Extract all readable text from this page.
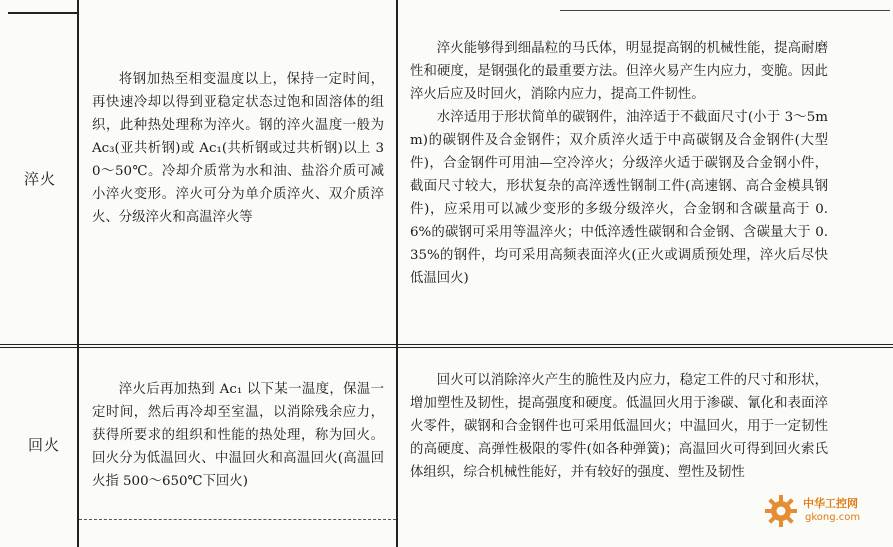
淬火

将钢加热至相变温度以上，保持一定时间，再快速冷却以得到亚稳定状态过饱和固溶体的组织，此种热处理称为淬火。钢的淬火温度一般为 Ac₃(亚共析钢)或 Ac₁(共析钢或过共析钢)以上 30～50℃。冷却介质常为水和油、盐浴介质可减小淬火变形。淬火可分为单介质淬火、双介质淬火、分级淬火和高温淬火等

淬火能够得到细晶粒的马氏体，明显提高钢的机械性能，提高耐磨性和硬度，是钢强化的最重要方法。但淬火易产生内应力，变脆。因此淬火后应及时回火，消除内应力，提高工件韧性。

水淬适用于形状简单的碳钢件，油淬适于不截面尺寸(小于 3～5mm)的碳钢件及合金钢件；双介质淬火适于中高碳钢及合金钢件(大型件)，合金钢件可用油—空冷淬火；分级淬火适于碳钢及合金钢小件，截面尺寸较大，形状复杂的高淬透性钢制工件(高速钢、高合金模具钢件)，应采用可以减少变形的多级分级淬火，合金钢和含碳量高于 0.6%的碳钢可采用等温淬火；中低淬透性碳钢和合金钢、含碳量大于 0.35%的钢件，均可采用高频表面淬火(正火或调质预处理，淬火后尽快低温回火)

回火

淬火后再加热到 Ac₁ 以下某一温度，保温一定时间，然后再冷却至室温，以消除残余应力，获得所要求的组织和性能的热处理，称为回火。回火分为低温回火、中温回火和高温回火(高温回火指 500～650℃下回火)

回火可以消除淬火产生的脆性及内应力，稳定工件的尺寸和形状，增加塑性及韧性，提高强度和硬度。低温回火用于渗碳、氰化和表面淬火零件，碳钢和合金钢件也可采用低温回火；中温回火，用于一定韧性的高硬度、高弹性极限的零件(如各种弹簧)；高温回火可得到回火索氏体组织，综合机械性能好，并有较好的强度、塑性及韧性

中华工控网
gkong.com
